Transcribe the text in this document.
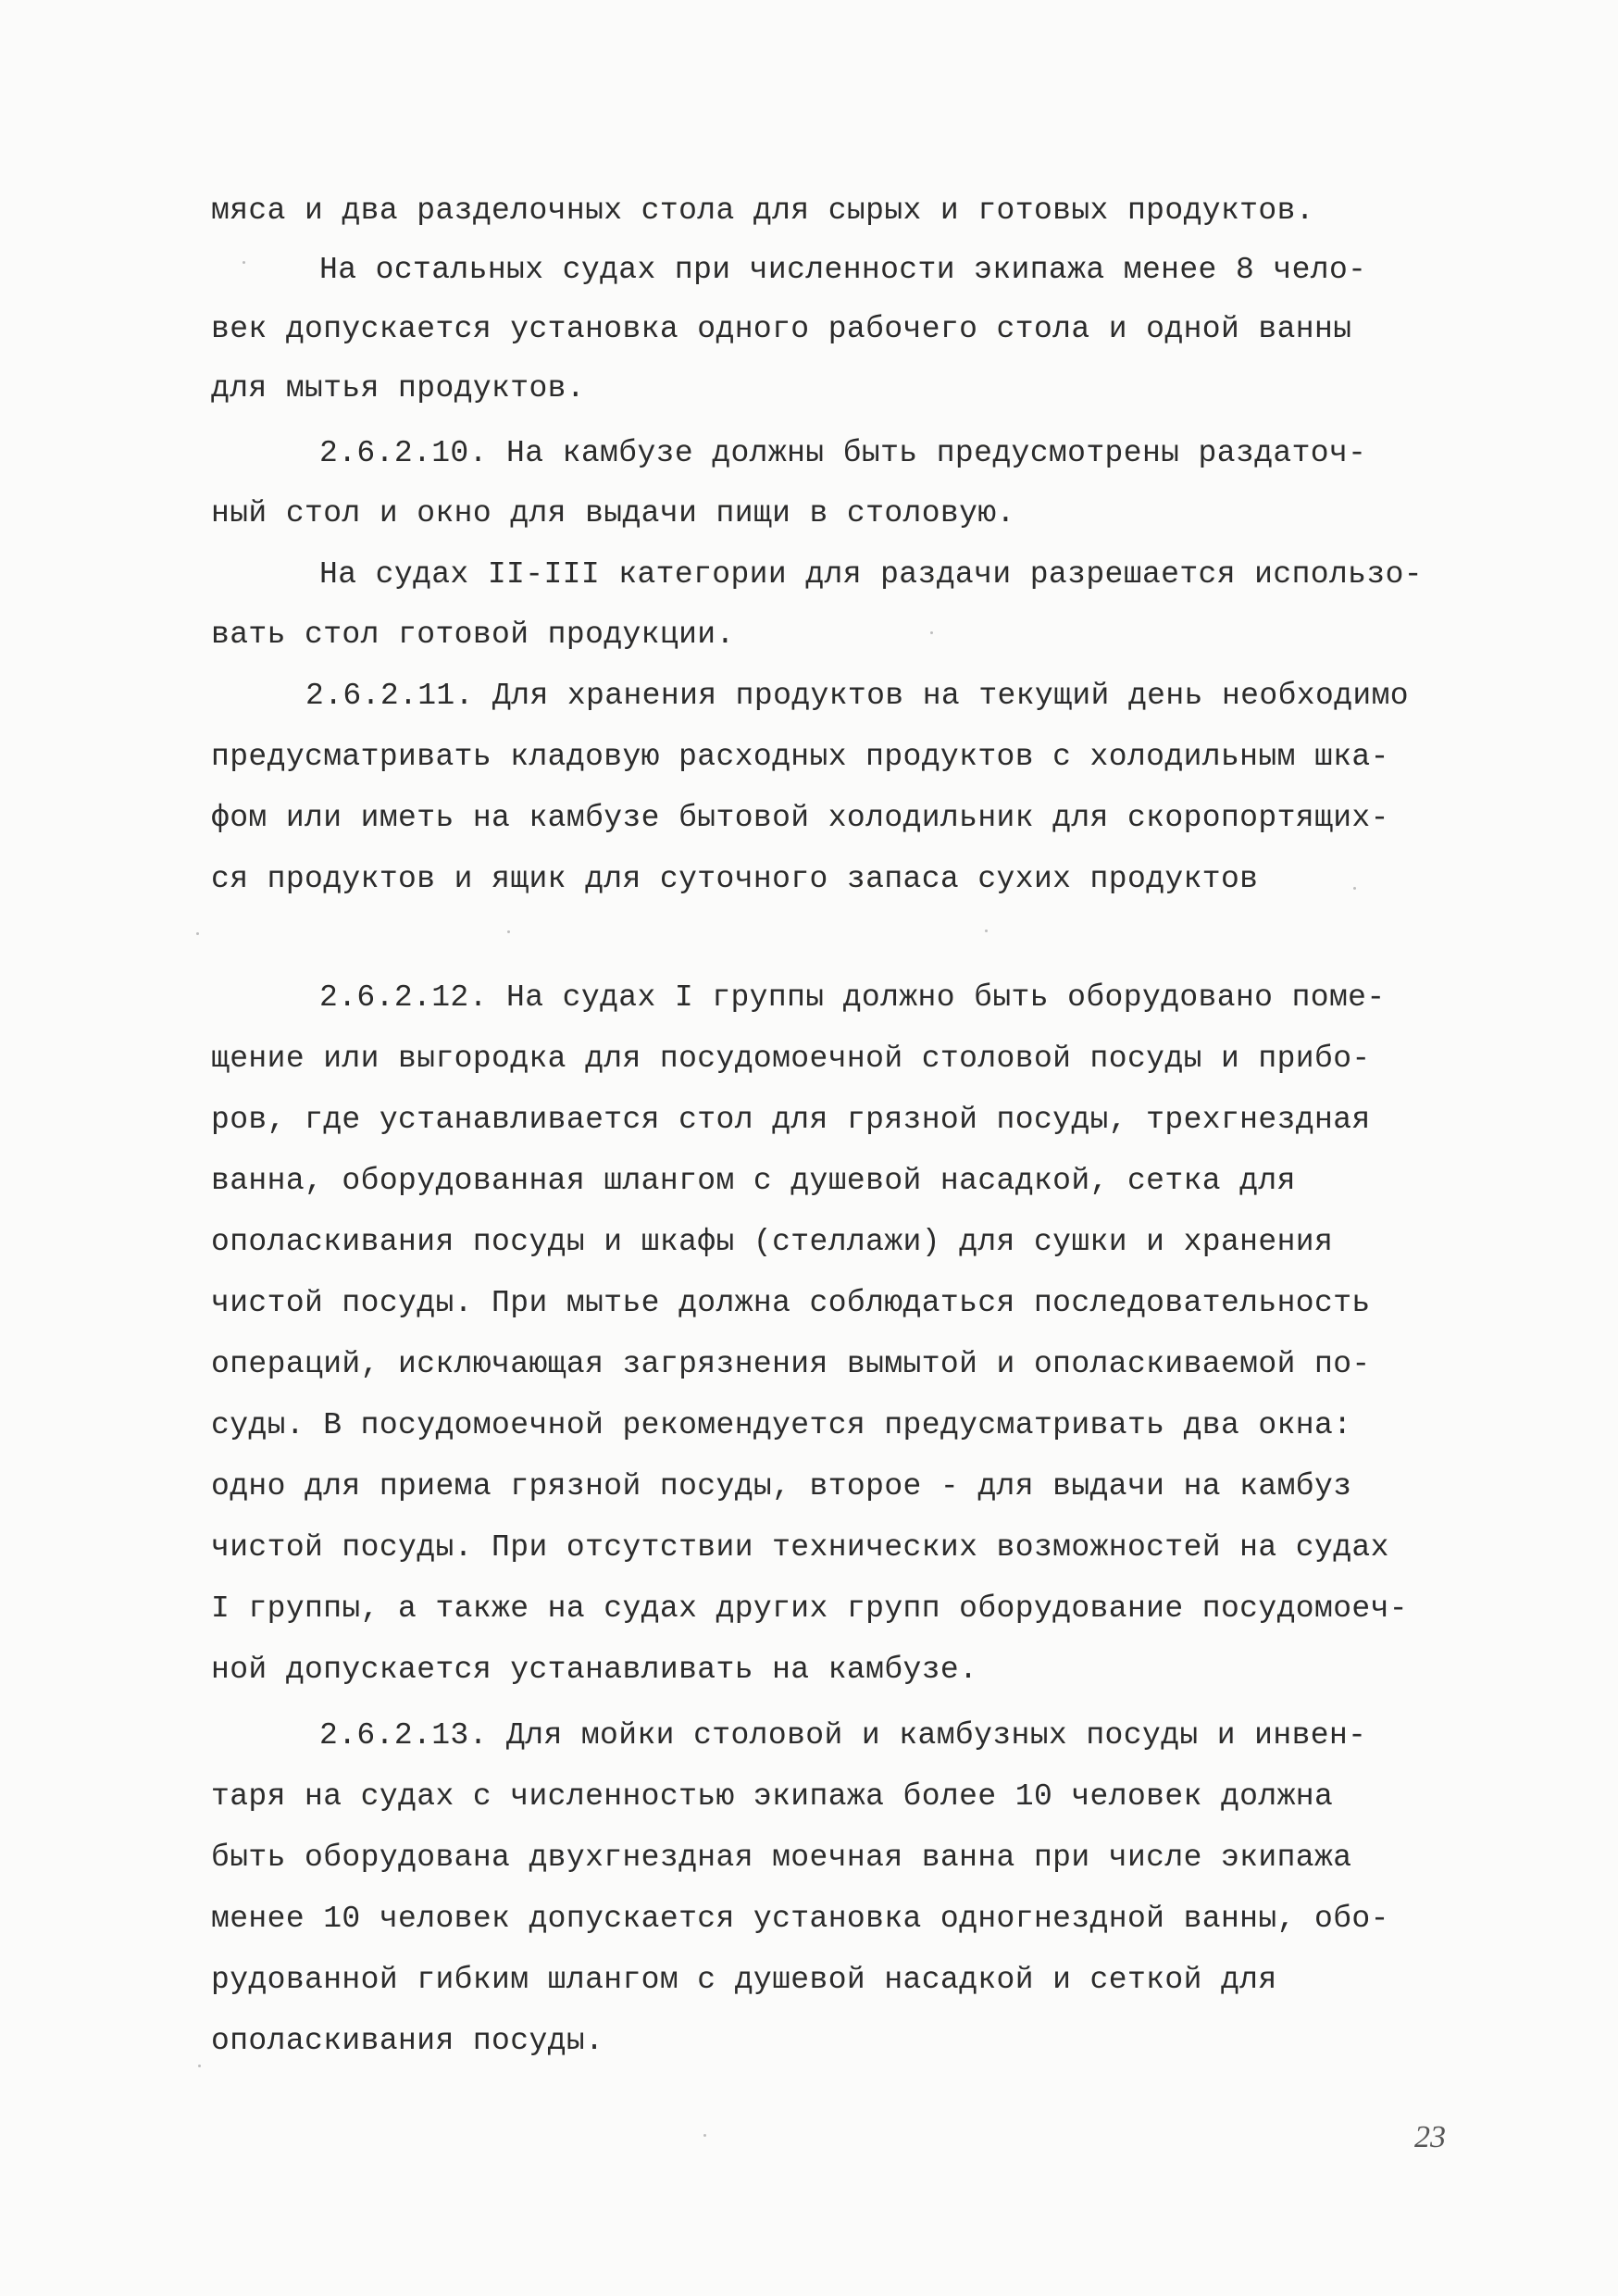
мяса и два разделочных стола для сырых и готовых продуктов.

На остальных судах при численности экипажа менее 8 чело-

век допускается установка одного рабочего стола и одной ванны

для мытья продуктов.

2.6.2.10. На камбузе должны быть предусмотрены раздаточ-

ный стол и окно для выдачи пищи в столовую.

На судах II-III категории для раздачи разрешается использо-

вать стол готовой продукции.

2.6.2.11. Для хранения продуктов на текущий день необходимо

предусматривать кладовую расходных продуктов с холодильным шка-

фом или иметь на камбузе бытовой холодильник для скоропортящих-

ся продуктов и ящик для суточного запаса сухих продуктов

2.6.2.12. На судах I группы должно быть оборудовано поме-

щение или выгородка для посудомоечной столовой посуды и прибо-

ров, где устанавливается стол для грязной посуды, трехгнездная

ванна, оборудованная шлангом с душевой насадкой, сетка для

ополаскивания посуды и шкафы (стеллажи) для сушки и хранения

чистой посуды. При мытье должна соблюдаться последовательность

операций, исключающая загрязнения вымытой и ополаскиваемой по-

суды. В посудомоечной рекомендуется предусматривать два окна:

одно для приема грязной посуды, второе - для выдачи на камбуз

чистой посуды. При отсутствии технических возможностей на судах

I группы, а также на судах других групп оборудование посудомоеч-

ной допускается устанавливать на камбузе.

2.6.2.13. Для мойки столовой и камбузных посуды и инвен-

таря на судах с численностью экипажа более 10 человек должна

быть оборудована двухгнездная моечная ванна при числе экипажа

менее 10 человек допускается установка одногнездной ванны, обо-

рудованной гибким шлангом с душевой насадкой и сеткой для

ополаскивания посуды.

23
